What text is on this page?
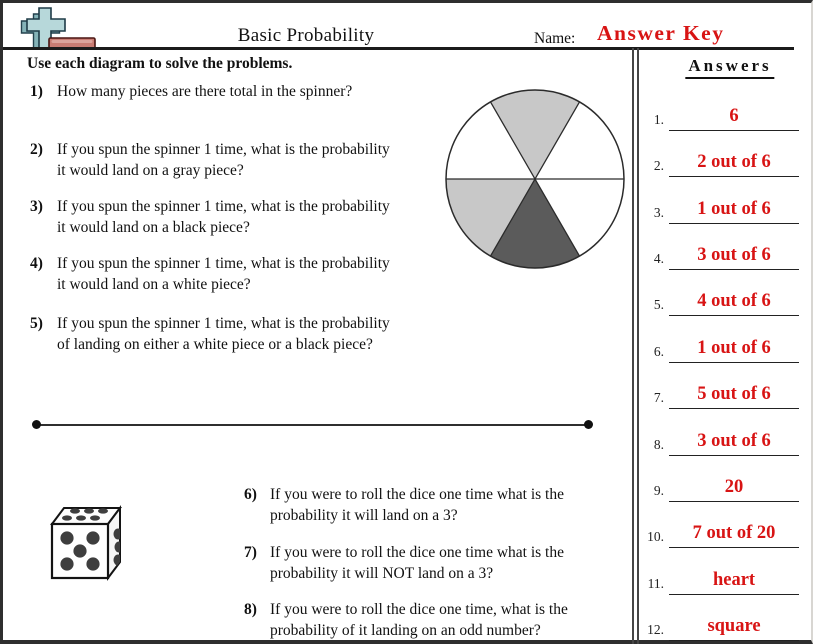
Basic Probability	Name: Answer Key
Use each diagram to solve the problems.
1) How many pieces are there total in the spinner?
2) If you spun the spinner 1 time, what is the probability
it would land on a gray piece?
3) If you spun the spinner 1 time, what is the probability
it would land on a black piece?
4) If you spun the spinner 1 time, what is the probability
it would land on a white piece?
5) If you spun the spinner 1 time, what is the probability
of landing on either a white piece or a black piece?
6) If you were to roll the dice one time what is the
probability it will land on a 3?
7) If you were to roll the dice one time what is the
probability it will NOT land on a 3?
8) If you were to roll the dice one time, what is the
probability of it landing on an odd number?
Answers
1.	6
2.	2 out of 6
3.	1 out of 6
4.	3 out of 6
5.	4 out of 6
6.	1 out of 6
7.	5 out of 6
8.	3 out of 6
9.	20
10.	7 out of 20
11.	heart
12.	square
